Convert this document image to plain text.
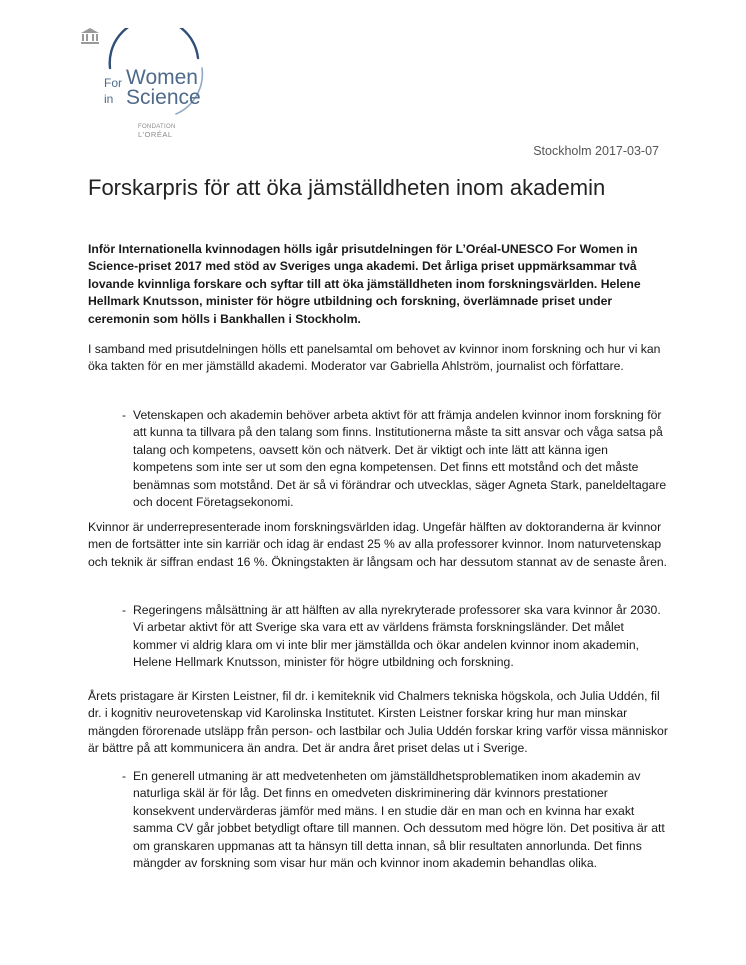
For Women
in Science
FONDATION
L'ORÉAL
Stockholm 2017-03-07
Forskarpris för att öka jämställdheten inom akademin

Inför Internationella kvinnodagen hölls igår prisutdelningen för L’Oréal-UNESCO For Women in Science-priset 2017 med stöd av Sveriges unga akademi. Det årliga priset uppmärksammar två lovande kvinnliga forskare och syftar till att öka jämställdheten inom forskningsvärlden. Helene Hellmark Knutsson, minister för högre utbildning och forskning, överlämnade priset under ceremonin som hölls i Bankhallen i Stockholm.

I samband med prisutdelningen hölls ett panelsamtal om behovet av kvinnor inom forskning och hur vi kan öka takten för en mer jämställd akademi. Moderator var Gabriella Ahlström, journalist och författare.

- Vetenskapen och akademin behöver arbeta aktivt för att främja andelen kvinnor inom forskning för att kunna ta tillvara på den talang som finns. Institutionerna måste ta sitt ansvar och våga satsa på talang och kompetens, oavsett kön och nätverk. Det är viktigt och inte lätt att känna igen kompetens som inte ser ut som den egna kompetensen. Det finns ett motstånd och det måste benämnas som motstånd. Det är så vi förändrar och utvecklas, säger Agneta Stark, paneldeltagare och docent Företagsekonomi.

Kvinnor är underrepresenterade inom forskningsvärlden idag. Ungefär hälften av doktoranderna är kvinnor men de fortsätter inte sin karriär och idag är endast 25 % av alla professorer kvinnor. Inom naturvetenskap och teknik är siffran endast 16 %. Ökningstakten är långsam och har dessutom stannat av de senaste åren.

- Regeringens målsättning är att hälften av alla nyrekryterade professorer ska vara kvinnor år 2030. Vi arbetar aktivt för att Sverige ska vara ett av världens främsta forskningsländer. Det målet kommer vi aldrig klara om vi inte blir mer jämställda och ökar andelen kvinnor inom akademin, Helene Hellmark Knutsson, minister för högre utbildning och forskning.

Årets pristagare är Kirsten Leistner, fil dr. i kemiteknik vid Chalmers tekniska högskola, och Julia Uddén, fil dr. i kognitiv neurovetenskap vid Karolinska Institutet. Kirsten Leistner forskar kring hur man minskar mängden förorenade utsläpp från person- och lastbilar och Julia Uddén forskar kring varför vissa människor är bättre på att kommunicera än andra. Det är andra året priset delas ut i Sverige.

- En generell utmaning är att medvetenheten om jämställdhetsproblematiken inom akademin av naturliga skäl är för låg. Det finns en omedveten diskriminering där kvinnors prestationer konsekvent undervärderas jämför med mäns. I en studie där en man och en kvinna har exakt samma CV går jobbet betydligt oftare till mannen. Och dessutom med högre lön. Det positiva är att om granskaren uppmanas att ta hänsyn till detta innan, så blir resultaten annorlunda. Det finns mängder av forskning som visar hur män och kvinnor inom akademin behandlas olika.
